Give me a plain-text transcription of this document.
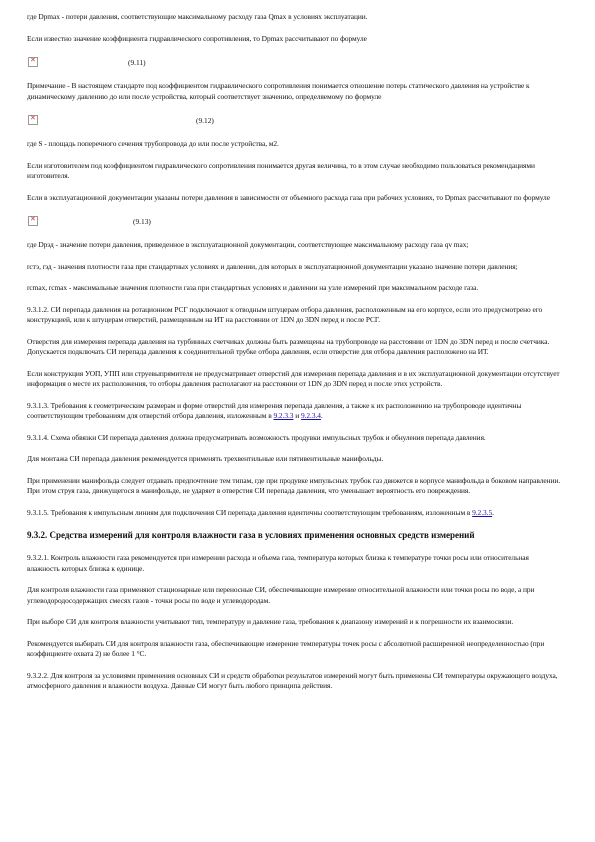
где Dpmax - потери давления, соответствующие максимальному расходу газа Qmax в условиях эксплуатации.

Если известно значение коэффициента гидравлического сопротивления, то Dpmax рассчитывают по формуле

✕
(9.11)

Примечание - В настоящем стандарте под коэффициентом гидравлического сопротивления понимается отношение потерь статического давления на устройстве к динамическому давлению до или после устройства, который соответствует значению, определяемому по формуле

✕
(9.12)

где S - площадь поперечного сечения трубопровода до или после устройства, м2.

Если изготовителем под коэффициентом гидравлического сопротивления понимается другая величина, то в этом случае необходимо пользоваться рекомендациями изготовителя.

Если в эксплуатационной документации указаны потери давления в зависимости от объемного расхода газа при рабочих условиях, то Dpmax рассчитывают по формуле

✕
(9.13)

где Dpэд - значение потери давления, приведенное в эксплуатационной документации, соответствующее максимальному расходу газа qv max;

rcтэ, rэд - значения плотности газа при стандартных условиях и давлении, для которых в эксплуатационной документации указано значение потери давления;

rcmax, rcmax - максимальные значения плотности газа при стандартных условиях и давлении на узле измерений при максимальном расходе газа.

9.3.1.2. СИ перепада давления на ротационном РСГ подключают к отводным штуцерам отбора давления, расположенным на его корпусе, если это предусмотрено его конструкцией, или к штуцерам отверстий, размещенным на ИТ на расстоянии от 1DN до 3DN перед и после РСГ.

Отверстия для измерения перепада давления на турбинных счетчиках должны быть размещены на трубопроводе на расстоянии от 1DN до 3DN перед и после счетчика. Допускается подключать СИ перепада давления к соединительной трубке отбора давления, если отверстие для отбора давления расположено на ИТ.

Если конструкция УОП, УПП или струевыпрямителя не предусматривает отверстий для измерения перепада давления и в их эксплуатационной документации отсутствует информация о месте их расположения, то отборы давления располагают на расстоянии от 1DN до 3DN перед и после этих устройств.

9.3.1.3. Требования к геометрическим размерам и форме отверстий для измерения перепада давления, а также к их расположению на трубопроводе идентичны соответствующим требованиям для отверстий отбора давления, изложенным в 9.2.3.3 и 9.2.3.4.

9.3.1.4. Схема обвязки СИ перепада давления должна предусматривать возможность продувки импульсных трубок и обнуления перепада давления.

Для монтажа СИ перепада давления рекомендуется применять трехвентильные или пятивентильные манифольды.

При применении манифольда следует отдавать предпочтение тем типам, где при продувке импульсных трубок газ движется в корпусе манифольда в боковом направлении. При этом струя газа, движущегося в манифольде, не ударяет в отверстия СИ перепада давления, что уменьшает вероятность его повреждения.

9.3.1.5. Требования к импульсным линиям для подключения СИ перепада давления идентичны соответствующим требованиям, изложенным в 9.2.3.5.

9.3.2. Средства измерений для контроля влажности газа в условиях применения основных средств измерений

9.3.2.1. Контроль влажности газа рекомендуется при измерении расхода и объема газа, температура которых близка к температуре точки росы или относительная влажность которых близка к единице.

Для контроля влажности газа применяют стационарные или переносные СИ, обеспечивающие измерение относительной влажности или точки росы по воде, а при углеводородосодержащих смесях газов - точки росы по воде и углеводородам.

При выборе СИ для контроля влажности учитывают тип, температуру и давление газа, требования к диапазону измерений и к погрешности их взаимосвязи.

Рекомендуется выбирать СИ для контроля влажности газа, обеспечивающие измерение температуры точек росы с абсолютной расширенной неопределенностью (при коэффициенте охвата 2) не более 1 °С.

9.3.2.2. Для контроля за условиями применения основных СИ и средств обработки результатов измерений могут быть применены СИ температуры окружающего воздуха, атмосферного давления и влажности воздуха. Данные СИ могут быть любого принципа действия.
